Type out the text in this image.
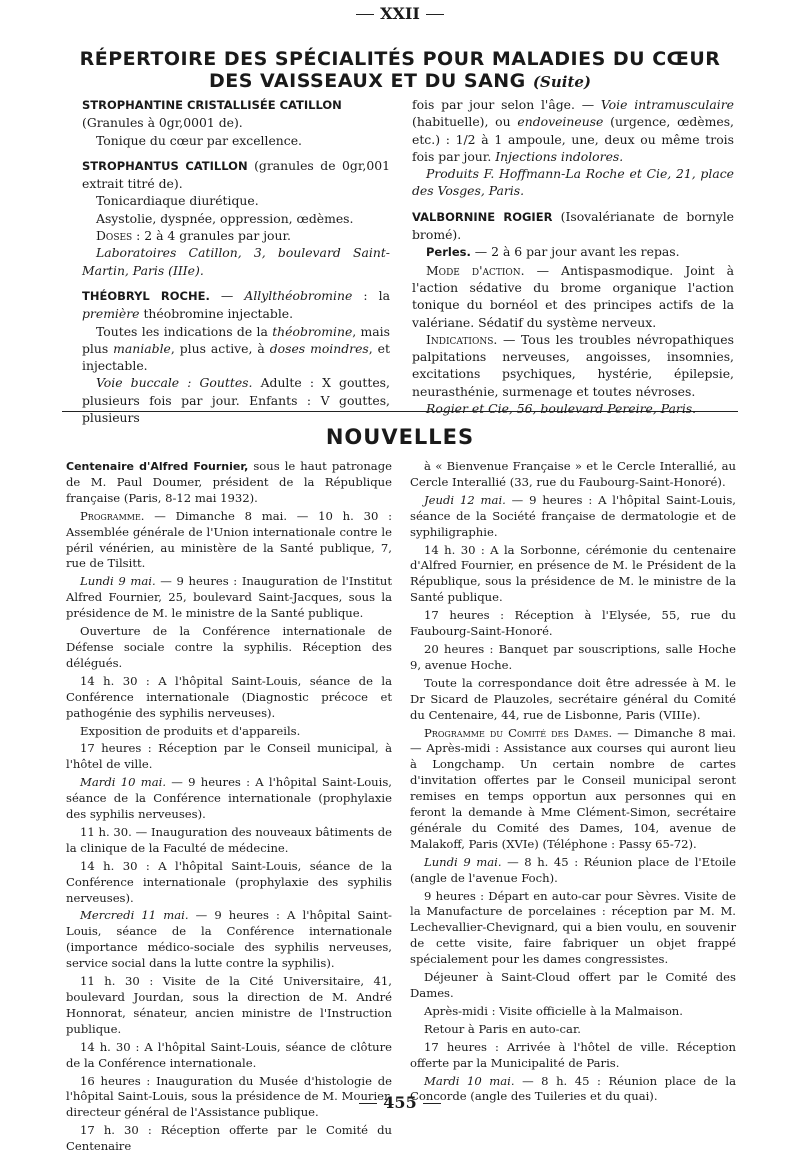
XXII
RÉPERTOIRE DES SPÉCIALITÉS POUR MALADIES DU CŒUR
DES VAISSEAUX ET DU SANG (Suite)

STROPHANTINE CRISTALLISÉE CATILLON
(Granules à 0gr,0001 de).

Tonique du cœur par excellence.

STROPHANTUS CATILLON (granules de 0gr,001 extrait titré de).

Tonicardiaque diurétique.

Asystolie, dyspnée, oppression, œdèmes.

Doses : 2 à 4 granules par jour.

Laboratoires Catillon, 3, boulevard Saint-Martin, Paris (IIIe).

THÉOBRYL ROCHE. — Allylthéobromine : la première théobromine injectable.

Toutes les indications de la théobromine, mais plus maniable, plus active, à doses moindres, et injectable.

Voie buccale : Gouttes. Adulte : X gouttes, plusieurs fois par jour. Enfants : V gouttes, plusieurs

fois par jour selon l'âge. — Voie intramusculaire (habituelle), ou endoveineuse (urgence, œdèmes, etc.) : 1/2 à 1 ampoule, une, deux ou même trois fois par jour. Injections indolores.

Produits F. Hoffmann-La Roche et Cie, 21, place des Vosges, Paris.

VALBORNINE ROGIER (Isovalérianate de bornyle bromé).

Perles. — 2 à 6 par jour avant les repas.

Mode d'action. — Antispasmodique. Joint à l'action sédative du brome organique l'action tonique du bornéol et des principes actifs de la valériane. Sédatif du système nerveux.

Indications. — Tous les troubles névropathiques palpitations nerveuses, angoisses, insomnies, excitations psychiques, hystérie, épilepsie, neurasthénie, surmenage et toutes névroses.

Rogier et Cie, 56, boulevard Pereire, Paris.

NOUVELLES

Centenaire d'Alfred Fournier, sous le haut patronage de M. Paul Doumer, président de la République française (Paris, 8-12 mai 1932).

Programme. — Dimanche 8 mai. — 10 h. 30 : Assemblée générale de l'Union internationale contre le péril vénérien, au ministère de la Santé publique, 7, rue de Tilsitt.

Lundi 9 mai. — 9 heures : Inauguration de l'Institut Alfred Fournier, 25, boulevard Saint-Jacques, sous la présidence de M. le ministre de la Santé publique.

Ouverture de la Conférence internationale de Défense sociale contre la syphilis. Réception des délégués.

14 h. 30 : A l'hôpital Saint-Louis, séance de la Conférence internationale (Diagnostic précoce et pathogénie des syphilis nerveuses).

Exposition de produits et d'appareils.

17 heures : Réception par le Conseil municipal, à l'hôtel de ville.

Mardi 10 mai. — 9 heures : A l'hôpital Saint-Louis, séance de la Conférence internationale (prophylaxie des syphilis nerveuses).

11 h. 30. — Inauguration des nouveaux bâtiments de la clinique de la Faculté de médecine.

14 h. 30 : A l'hôpital Saint-Louis, séance de la Conférence internationale (prophylaxie des syphilis nerveuses).

Mercredi 11 mai. — 9 heures : A l'hôpital Saint-Louis, séance de la Conférence internationale (importance médico-sociale des syphilis nerveuses, service social dans la lutte contre la syphilis).

11 h. 30 : Visite de la Cité Universitaire, 41, boulevard Jourdan, sous la direction de M. André Honnorat, sénateur, ancien ministre de l'Instruction publique.

14 h. 30 : A l'hôpital Saint-Louis, séance de clôture de la Conférence internationale.

16 heures : Inauguration du Musée d'histologie de l'hôpital Saint-Louis, sous la présidence de M. Mourier, directeur général de l'Assistance publique.

17 h. 30 : Réception offerte par le Comité du Centenaire

à « Bienvenue Française » et le Cercle Interallié, au Cercle Interallié (33, rue du Faubourg-Saint-Honoré).

Jeudi 12 mai. — 9 heures : A l'hôpital Saint-Louis, séance de la Société française de dermatologie et de syphiligraphie.

14 h. 30 : A la Sorbonne, cérémonie du centenaire d'Alfred Fournier, en présence de M. le Président de la République, sous la présidence de M. le ministre de la Santé publique.

17 heures : Réception à l'Elysée, 55, rue du Faubourg-Saint-Honoré.

20 heures : Banquet par souscriptions, salle Hoche 9, avenue Hoche.

Toute la correspondance doit être adressée à M. le Dr Sicard de Plauzoles, secrétaire général du Comité du Centenaire, 44, rue de Lisbonne, Paris (VIIIe).

Programme du Comité des Dames. — Dimanche 8 mai. — Après-midi : Assistance aux courses qui auront lieu à Longchamp. Un certain nombre de cartes d'invitation offertes par le Conseil municipal seront remises en temps opportun aux personnes qui en feront la demande à Mme Clément-Simon, secrétaire générale du Comité des Dames, 104, avenue de Malakoff, Paris (XVIe) (Téléphone : Passy 65-72).

Lundi 9 mai. — 8 h. 45 : Réunion place de l'Etoile (angle de l'avenue Foch).

9 heures : Départ en auto-car pour Sèvres. Visite de la Manufacture de porcelaines : réception par M. M. Lechevallier-Chevignard, qui a bien voulu, en souvenir de cette visite, faire fabriquer un objet frappé spécialement pour les dames congressistes.

Déjeuner à Saint-Cloud offert par le Comité des Dames.

Après-midi : Visite officielle à la Malmaison.

Retour à Paris en auto-car.

17 heures : Arrivée à l'hôtel de ville. Réception offerte par la Municipalité de Paris.

Mardi 10 mai. — 8 h. 45 : Réunion place de la Concorde (angle des Tuileries et du quai).

455
